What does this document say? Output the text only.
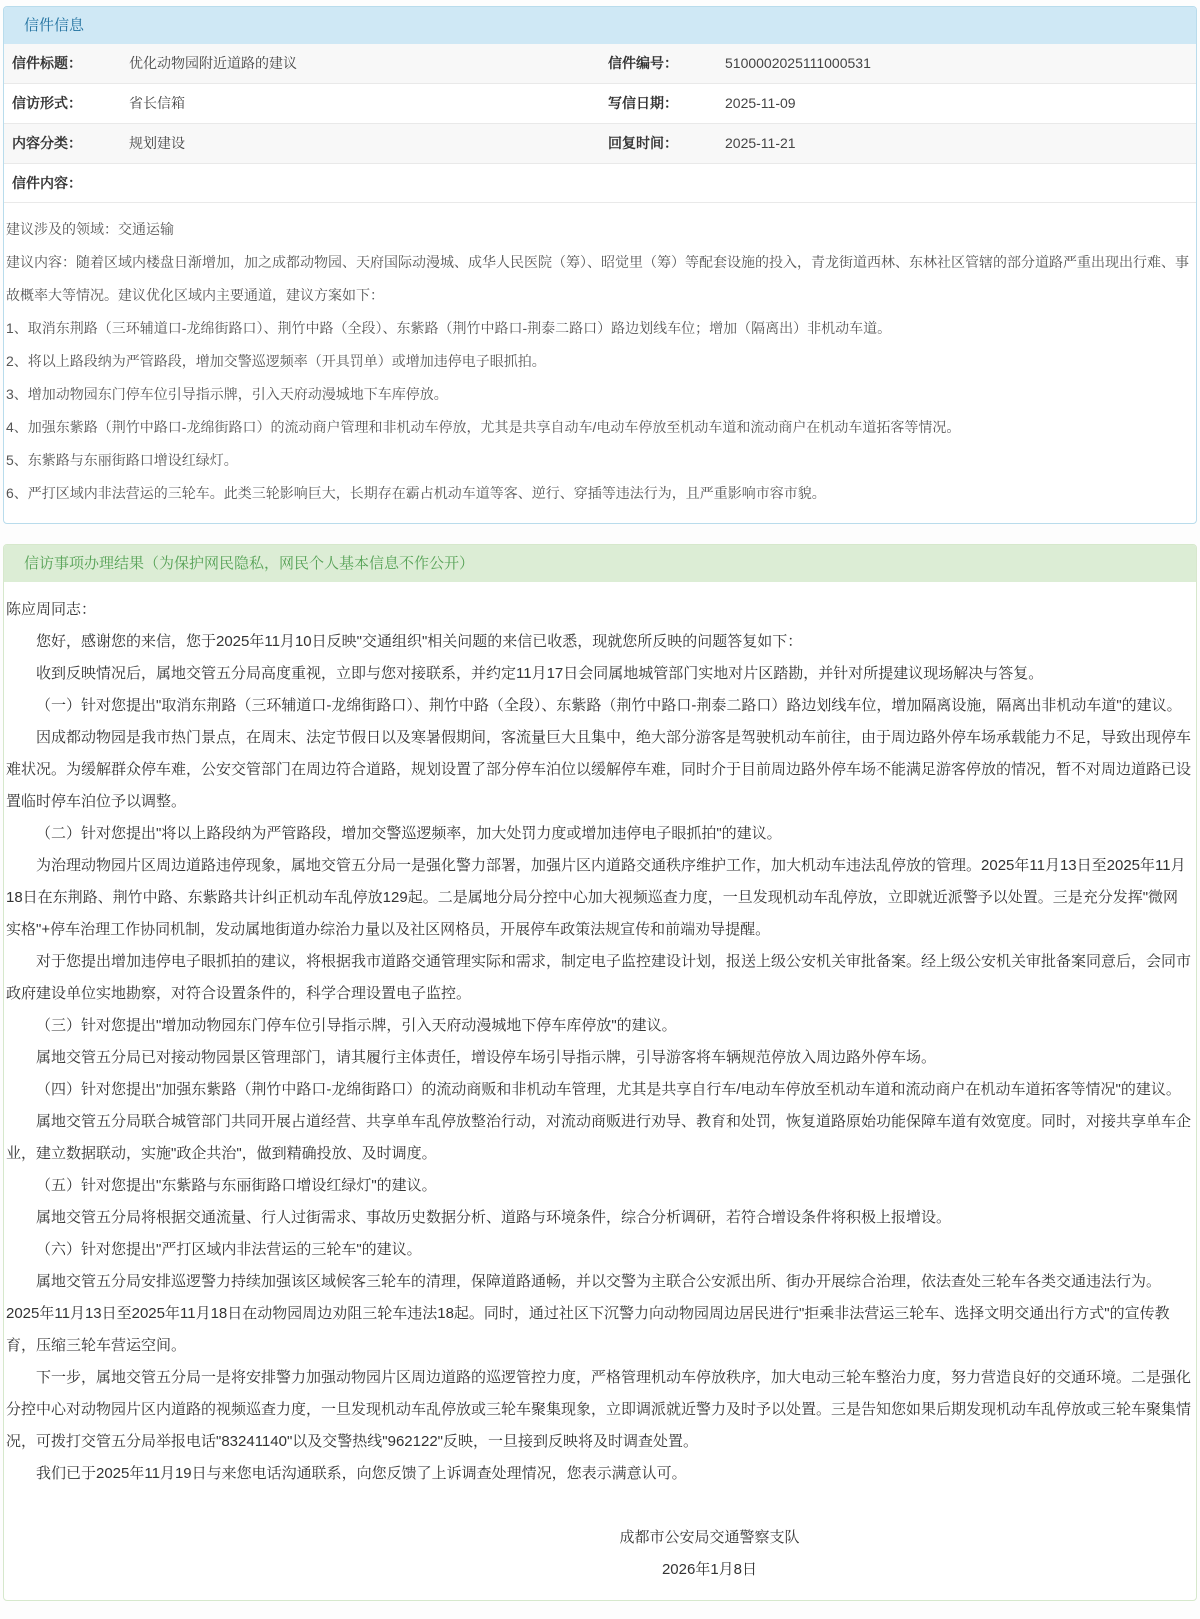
信件信息
信件标题：	优化动物园附近道路的建议	信件编号：	5100002025111000531
信访形式：	省长信箱	写信日期：	2025-11-09
内容分类：	规划建设	回复时间：	2025-11-21
信件内容：

建议涉及的领域：交通运输

建议内容：随着区域内楼盘日渐增加，加之成都动物园、天府国际动漫城、成华人民医院（筹）、昭觉里（筹）等配套设施的投入，青龙街道西林、东林社区管辖的部分道路严重出现出行难、事故概率大等情况。建议优化区域内主要通道，建议方案如下：

1、取消东荆路（三环辅道口-龙绵街路口）、荆竹中路（全段）、东紫路（荆竹中路口-荆泰二路口）路边划线车位；增加（隔离出）非机动车道。

2、将以上路段纳为严管路段，增加交警巡逻频率（开具罚单）或增加违停电子眼抓拍。

3、增加动物园东门停车位引导指示牌，引入天府动漫城地下车库停放。

4、加强东紫路（荆竹中路口-龙绵街路口）的流动商户管理和非机动车停放，尤其是共享自动车/电动车停放至机动车道和流动商户在机动车道拓客等情况。

5、东紫路与东丽街路口增设红绿灯。

6、严打区域内非法营运的三轮车。此类三轮影响巨大，长期存在霸占机动车道等客、逆行、穿插等违法行为，且严重影响市容市貌。

信访事项办理结果（为保护网民隐私，网民个人基本信息不作公开）

陈应周同志：

您好，感谢您的来信，您于2025年11月10日反映"交通组织"相关问题的来信已收悉，现就您所反映的问题答复如下：

收到反映情况后，属地交管五分局高度重视，立即与您对接联系，并约定11月17日会同属地城管部门实地对片区踏勘，并针对所提建议现场解决与答复。

（一）针对您提出"取消东荆路（三环辅道口-龙绵街路口）、荆竹中路（全段）、东紫路（荆竹中路口-荆泰二路口）路边划线车位，增加隔离设施，隔离出非机动车道"的建议。

因成都动物园是我市热门景点，在周末、法定节假日以及寒暑假期间，客流量巨大且集中，绝大部分游客是驾驶机动车前往，由于周边路外停车场承载能力不足，导致出现停车难状况。为缓解群众停车难，公安交管部门在周边符合道路，规划设置了部分停车泊位以缓解停车难，同时介于目前周边路外停车场不能满足游客停放的情况，暂不对周边道路已设置临时停车泊位予以调整。

（二）针对您提出"将以上路段纳为严管路段，增加交警巡逻频率，加大处罚力度或增加违停电子眼抓拍"的建议。

为治理动物园片区周边道路违停现象，属地交管五分局一是强化警力部署，加强片区内道路交通秩序维护工作，加大机动车违法乱停放的管理。2025年11月13日至2025年11月18日在东荆路、荆竹中路、东紫路共计纠正机动车乱停放129起。二是属地分局分控中心加大视频巡查力度，一旦发现机动车乱停放，立即就近派警予以处置。三是充分发挥"微网实格"+停车治理工作协同机制，发动属地街道办综治力量以及社区网格员，开展停车政策法规宣传和前端劝导提醒。

对于您提出增加违停电子眼抓拍的建议，将根据我市道路交通管理实际和需求，制定电子监控建设计划，报送上级公安机关审批备案。经上级公安机关审批备案同意后，会同市政府建设单位实地勘察，对符合设置条件的，科学合理设置电子监控。

（三）针对您提出"增加动物园东门停车位引导指示牌，引入天府动漫城地下停车库停放"的建议。

属地交管五分局已对接动物园景区管理部门，请其履行主体责任，增设停车场引导指示牌，引导游客将车辆规范停放入周边路外停车场。

（四）针对您提出"加强东紫路（荆竹中路口-龙绵街路口）的流动商贩和非机动车管理，尤其是共享自行车/电动车停放至机动车道和流动商户在机动车道拓客等情况"的建议。

属地交管五分局联合城管部门共同开展占道经营、共享单车乱停放整治行动，对流动商贩进行劝导、教育和处罚，恢复道路原始功能保障车道有效宽度。同时，对接共享单车企业，建立数据联动，实施"政企共治"，做到精确投放、及时调度。

（五）针对您提出"东紫路与东丽街路口增设红绿灯"的建议。

属地交管五分局将根据交通流量、行人过街需求、事故历史数据分析、道路与环境条件，综合分析调研，若符合增设条件将积极上报增设。

（六）针对您提出"严打区域内非法营运的三轮车"的建议。

属地交管五分局安排巡逻警力持续加强该区域候客三轮车的清理，保障道路通畅，并以交警为主联合公安派出所、街办开展综合治理，依法查处三轮车各类交通违法行为。2025年11月13日至2025年11月18日在动物园周边劝阻三轮车违法18起。同时，通过社区下沉警力向动物园周边居民进行"拒乘非法营运三轮车、选择文明交通出行方式"的宣传教育，压缩三轮车营运空间。

下一步，属地交管五分局一是将安排警力加强动物园片区周边道路的巡逻管控力度，严格管理机动车停放秩序，加大电动三轮车整治力度，努力营造良好的交通环境。二是强化分控中心对动物园片区内道路的视频巡查力度，一旦发现机动车乱停放或三轮车聚集现象，立即调派就近警力及时予以处置。三是告知您如果后期发现机动车乱停放或三轮车聚集情况，可拨打交管五分局举报电话"83241140"以及交警热线"962122"反映，一旦接到反映将及时调查处置。

我们已于2025年11月19日与来您电话沟通联系，向您反馈了上诉调查处理情况，您表示满意认可。

成都市公安局交通警察支队

2026年1月8日
